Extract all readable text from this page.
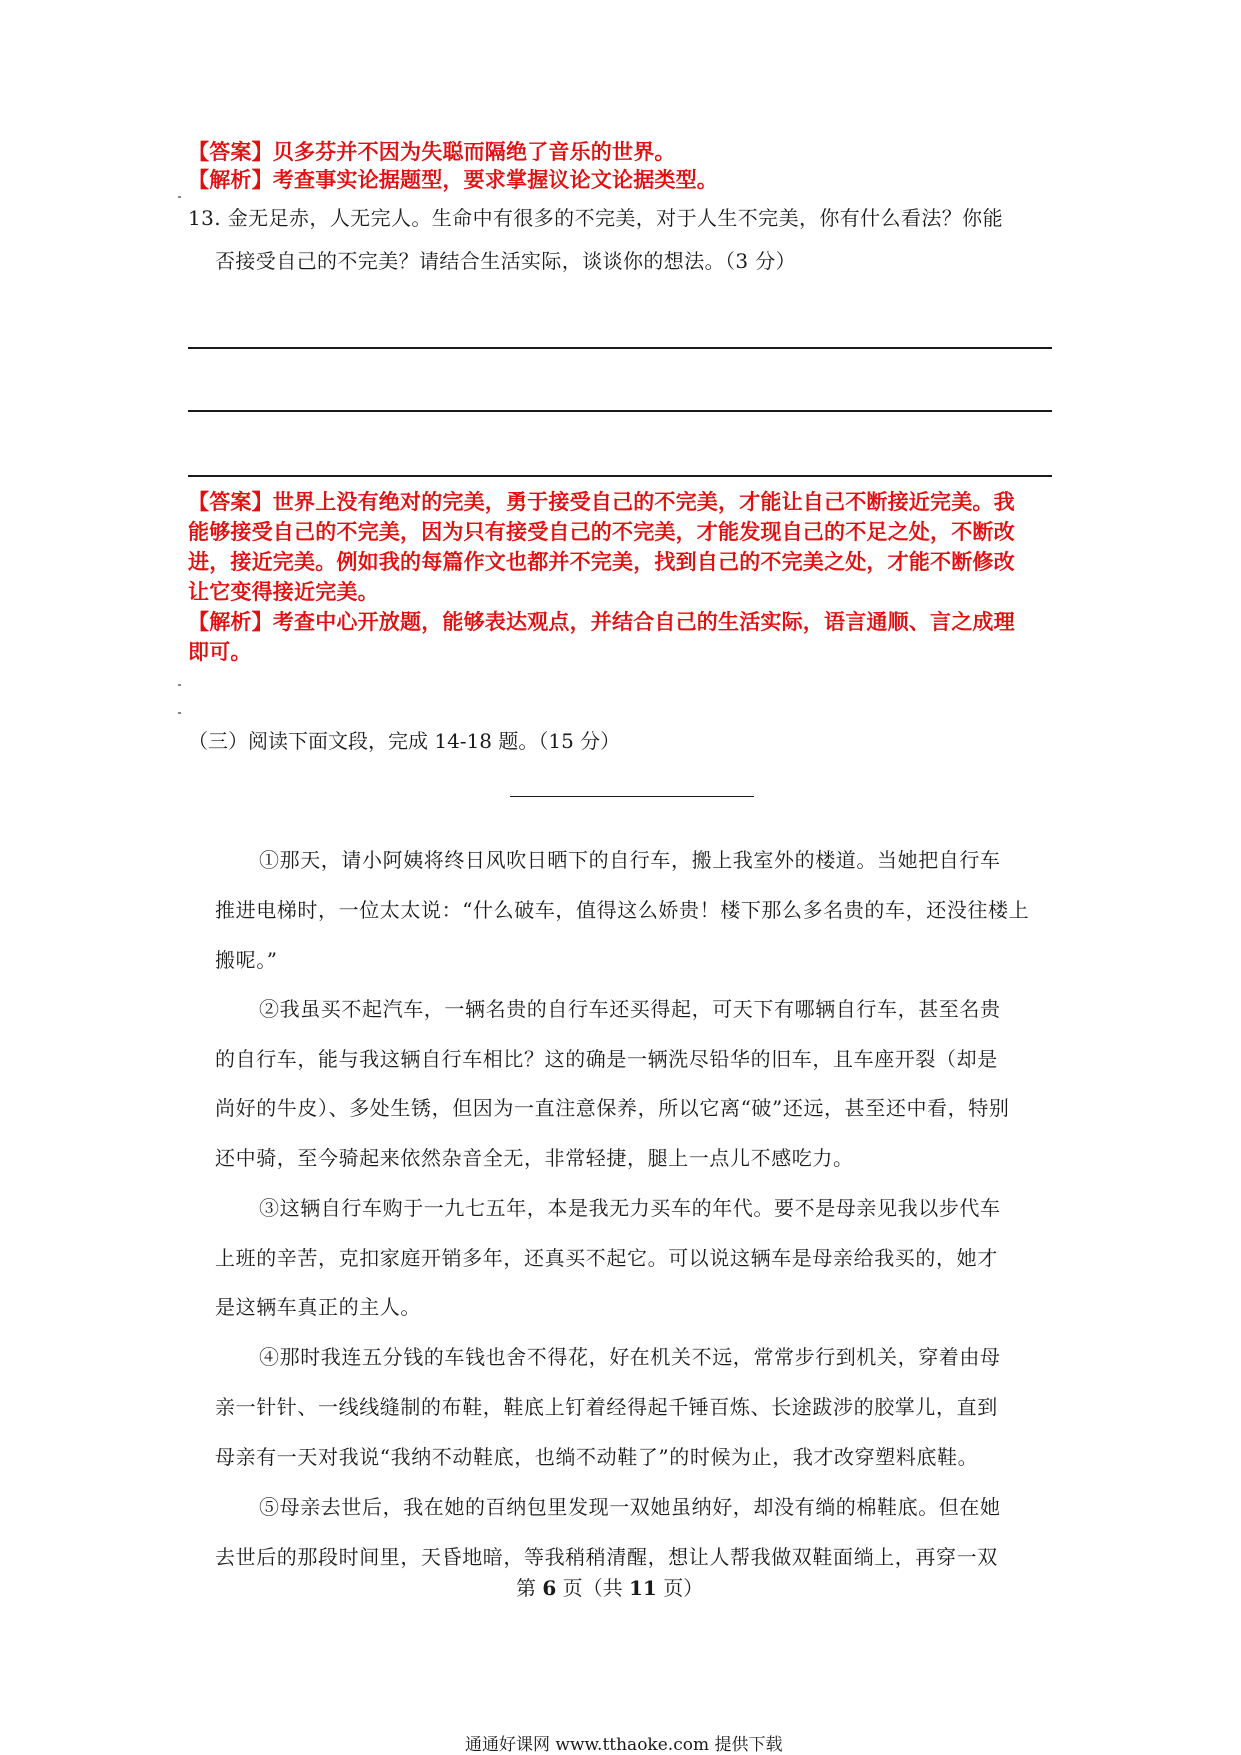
【答案】贝多芬并不因为失聪而隔绝了音乐的世界。
【解析】考查事实论据题型，要求掌握议论文论据类型。
13. 金无足赤，人无完人。生命中有很多的不完美，对于人生不完美，你有什么看法？你能
否接受自己的不完美？请结合生活实际，谈谈你的想法。（3 分）
【答案】世界上没有绝对的完美，勇于接受自己的不完美，才能让自己不断接近完美。我
能够接受自己的不完美，因为只有接受自己的不完美，才能发现自己的不足之处，不断改
进，接近完美。例如我的每篇作文也都并不完美，找到自己的不完美之处，才能不断修改
让它变得接近完美。
【解析】考查中心开放题，能够表达观点，并结合自己的生活实际，语言通顺、言之成理
即可。
（三）阅读下面文段，完成 14-18 题。（15 分）
①那天，请小阿姨将终日风吹日晒下的自行车，搬上我室外的楼道。当她把自行车
推进电梯时，一位太太说：“什么破车，值得这么娇贵！楼下那么多名贵的车，还没往楼上
搬呢。”
②我虽买不起汽车，一辆名贵的自行车还买得起，可天下有哪辆自行车，甚至名贵
的自行车，能与我这辆自行车相比？这的确是一辆洗尽铅华的旧车，且车座开裂（却是
尚好的牛皮）、多处生锈，但因为一直注意保养，所以它离“破”还远，甚至还中看，特别
还中骑，至今骑起来依然杂音全无，非常轻捷，腿上一点儿不感吃力。
③这辆自行车购于一九七五年，本是我无力买车的年代。要不是母亲见我以步代车
上班的辛苦，克扣家庭开销多年，还真买不起它。可以说这辆车是母亲给我买的，她才
是这辆车真正的主人。
④那时我连五分钱的车钱也舍不得花，好在机关不远，常常步行到机关，穿着由母
亲一针针、一线线缝制的布鞋，鞋底上钉着经得起千锤百炼、长途跋涉的胶掌儿，直到
母亲有一天对我说“我纳不动鞋底，也绱不动鞋了”的时候为止，我才改穿塑料底鞋。
⑤母亲去世后，我在她的百纳包里发现一双她虽纳好，却没有绱的棉鞋底。但在她
去世后的那段时间里，天昏地暗，等我稍稍清醒，想让人帮我做双鞋面绱上，再穿一双
第 6 页（共 11 页）
通通好课网 www.tthaoke.com 提供下载
